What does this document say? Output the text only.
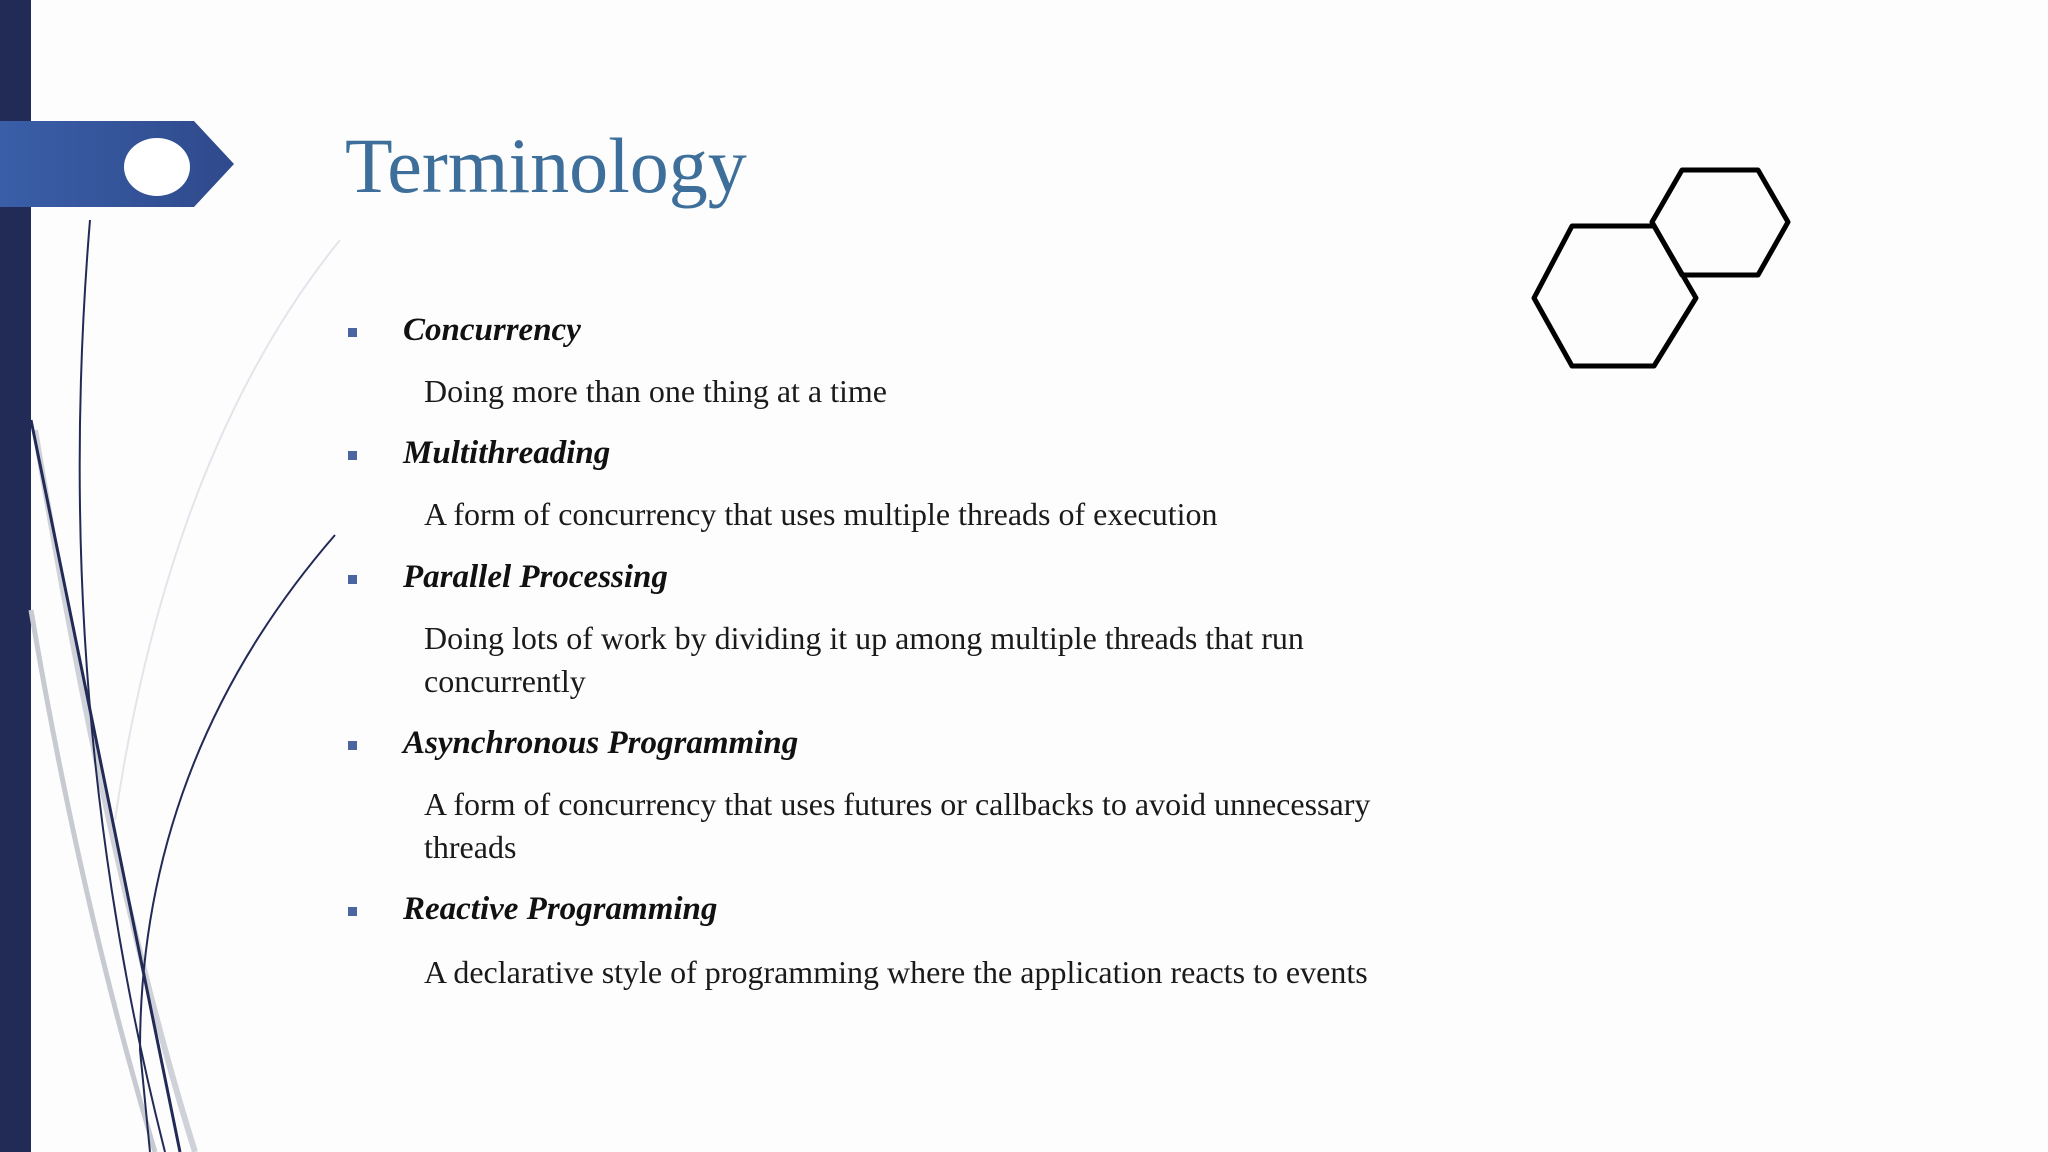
Terminology
Concurrency
Doing more than one thing at a time
Multithreading
A form of concurrency that uses multiple threads of execution
Parallel Processing
Doing lots of work by dividing it up among multiple threads that run concurrently
Asynchronous Programming
A form of concurrency that uses futures or callbacks to avoid unnecessary threads
Reactive Programming
A declarative style of programming where the application reacts to events
